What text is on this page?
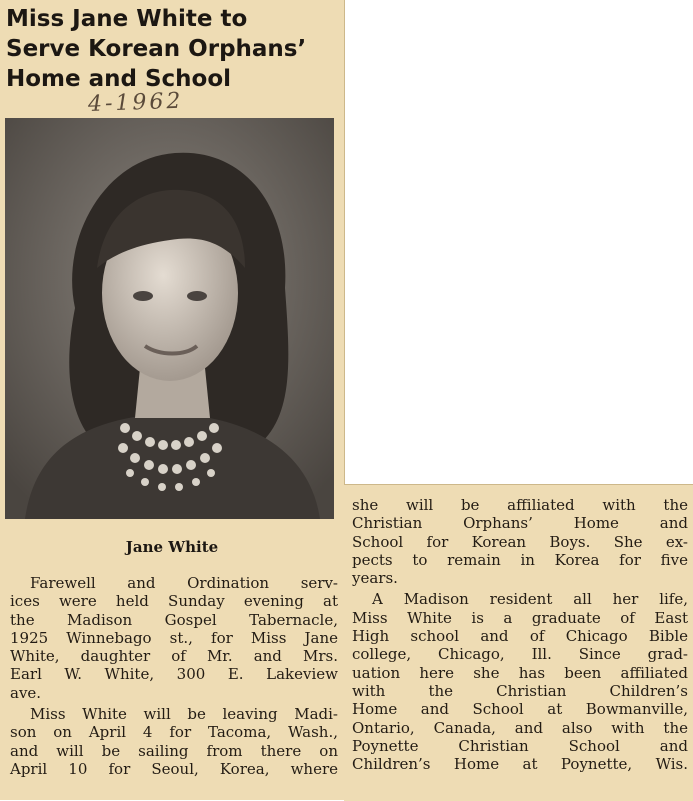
Miss Jane White to
Serve Korean Orphans’
Home and School
4-1962
Jane White

Farewell and Ordination serv-
ices were held Sunday evening at
the Madison Gospel Tabernacle,
1925 Winnebago st., for Miss Jane
White, daughter of Mr. and Mrs.
Earl W. White, 300 E. Lakeview
ave.

Miss White will be leaving Madi-
son on April 4 for Tacoma, Wash.,
and will be sailing from there on
April 10 for Seoul, Korea, where

she will be affiliated with the
Christian Orphans’ Home and
School for Korean Boys. She ex-
pects to remain in Korea for five
years.

A Madison resident all her life,
Miss White is a graduate of East
High school and of Chicago Bible
college, Chicago, Ill. Since grad-
uation here she has been affiliated
with the Christian Children’s
Home and School at Bowmanville,
Ontario, Canada, and also with the
Poynette Christian School and
Children’s Home at Poynette, Wis.
